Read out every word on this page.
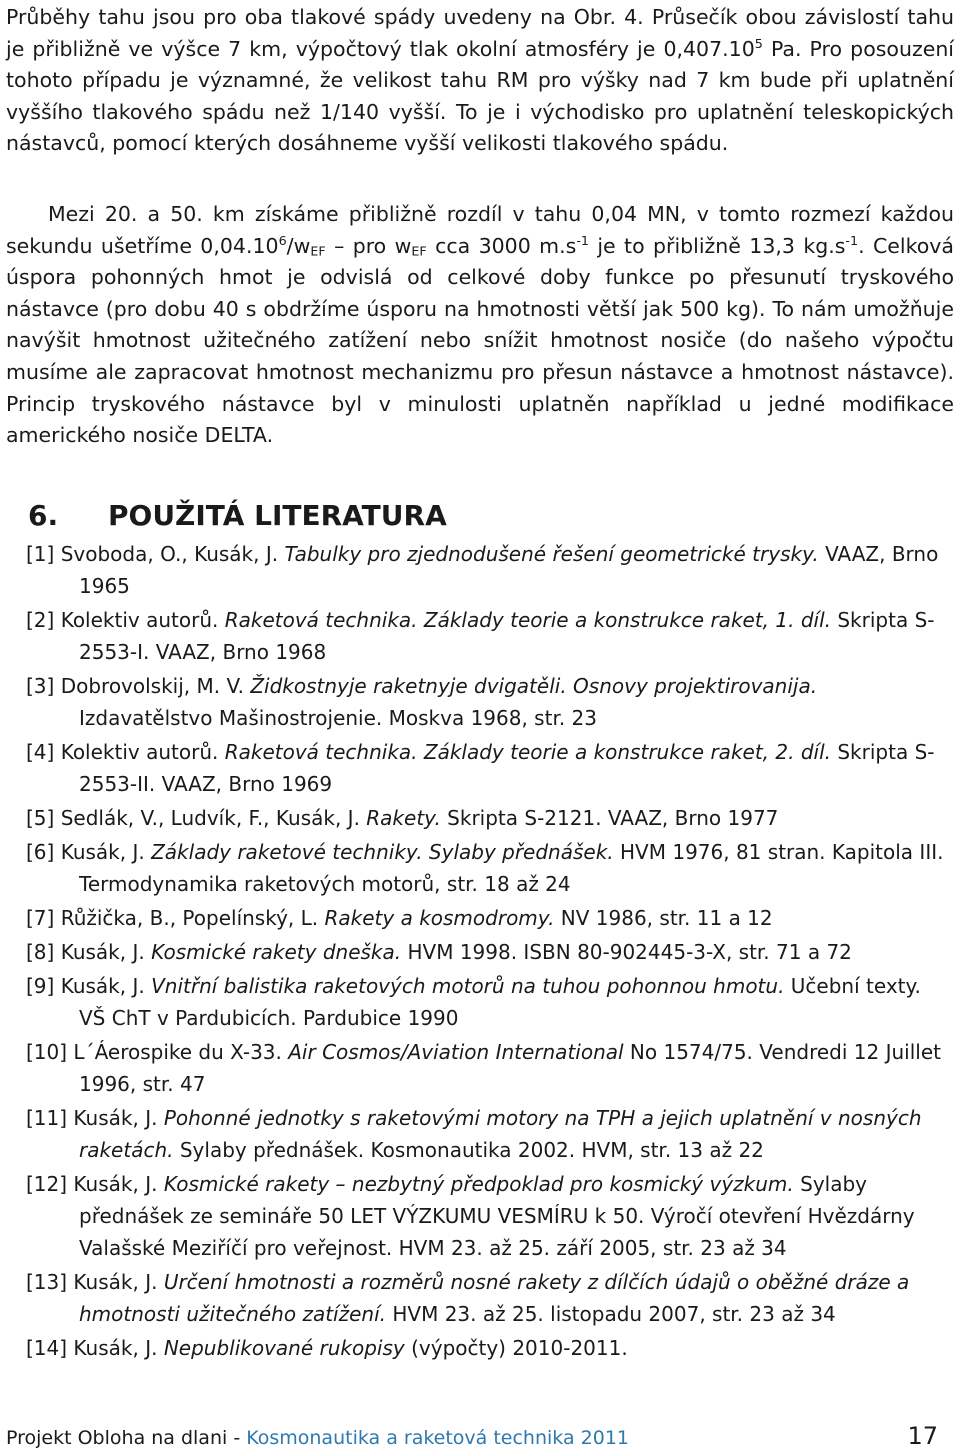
Průběhy tahu jsou pro oba tlakové spády uvedeny na Obr. 4. Průsečík obou závislostí tahu je přibližně ve výšce 7 km, výpočtový tlak okolní atmosféry je 0,407.10$^5$ Pa. Pro posouzení tohoto případu je významné, že velikost tahu RM pro výšky nad 7 km bude při uplatnění vyššího tlakového spádu než 1/140 vyšší. To je i východisko pro uplatnění teleskopických nástavců, pomocí kterých dosáhneme vyšší velikosti tlakového spádu.

Mezi 20. a 50. km získáme přibližně rozdíl v tahu 0,04 MN, v tomto rozmezí každou sekundu ušetříme $0,04.10^6/w_{EF}$ – pro $w_{EF}$ cca 3000 $m.s^{-1}$ je to přibližně 13,3 $kg.s^{-1}$. Celková úspora pohonných hmot je odvislá od celkové doby funkce po přesunutí tryskového nástavce (pro dobu 40 s obdržíme úsporu na hmotnosti větší jak 500 kg). To nám umožňuje navýšit hmotnost užitečného zatížení nebo snížit hmotnost nosiče (do našeho výpočtu musíme ale zapracovat hmotnost mechanizmu pro přesun nástavce a hmotnost nástavce). Princip tryskového nástavce byl v minulosti uplatněn například u jedné modifikace amerického nosiče DELTA.

6. POUŽITÁ LITERATURA
[1] Svoboda, O., Kusák, J. Tabulky pro zjednodušené řešení geometrické trysky. VAAZ, Brno 1965
[2] Kolektiv autorů. Raketová technika. Základy teorie a konstrukce raket, 1. díl. Skripta S-2553-I. VAAZ, Brno 1968
[3] Dobrovolskij, M. V. Židkostnyje raketnyje dvigatěli. Osnovy projektirovanija. Izdavatělstvo Mašinostrojenie. Moskva 1968, str. 23
[4] Kolektiv autorů. Raketová technika. Základy teorie a konstrukce raket, 2. díl. Skripta S-2553-II. VAAZ, Brno 1969
[5] Sedlák, V., Ludvík, F., Kusák, J. Rakety. Skripta S-2121. VAAZ, Brno 1977
[6] Kusák, J. Základy raketové techniky. Sylaby přednášek. HVM 1976, 81 stran. Kapitola III. Termodynamika raketových motorů, str. 18 až 24
[7] Růžička, B., Popelínský, L. Rakety a kosmodromy. NV 1986, str. 11 a 12
[8] Kusák, J. Kosmické rakety dneška. HVM 1998. ISBN 80-902445-3-X, str. 71 a 72
[9] Kusák, J. Vnitřní balistika raketových motorů na tuhou pohonnou hmotu. Učební texty. VŠ ChT v Pardubicích. Pardubice 1990
[10] L´Áerospike du X-33. Air Cosmos/Aviation International No 1574/75. Vendredi 12 Juillet 1996, str. 47
[11] Kusák, J. Pohonné jednotky s raketovými motory na TPH a jejich uplatnění v nosných raketách. Sylaby přednášek. Kosmonautika 2002. HVM, str. 13 až 22
[12] Kusák, J. Kosmické rakety – nezbytný předpoklad pro kosmický výzkum. Sylaby přednášek ze semináře 50 LET VÝZKUMU VESMÍRU k 50. Výročí otevření Hvězdárny Valašské Meziříčí pro veřejnost. HVM 23. až 25. září 2005, str. 23 až 34
[13] Kusák, J. Určení hmotnosti a rozměrů nosné rakety z dílčích údajů o oběžné dráze a hmotnosti užitečného zatížení. HVM 23. až 25. listopadu 2007, str. 23 až 34
[14] Kusák, J. Nepublikované rukopisy (výpočty) 2010-2011.
Projekt Obloha na dlani - Kosmonautika a raketová technika 2011	17
